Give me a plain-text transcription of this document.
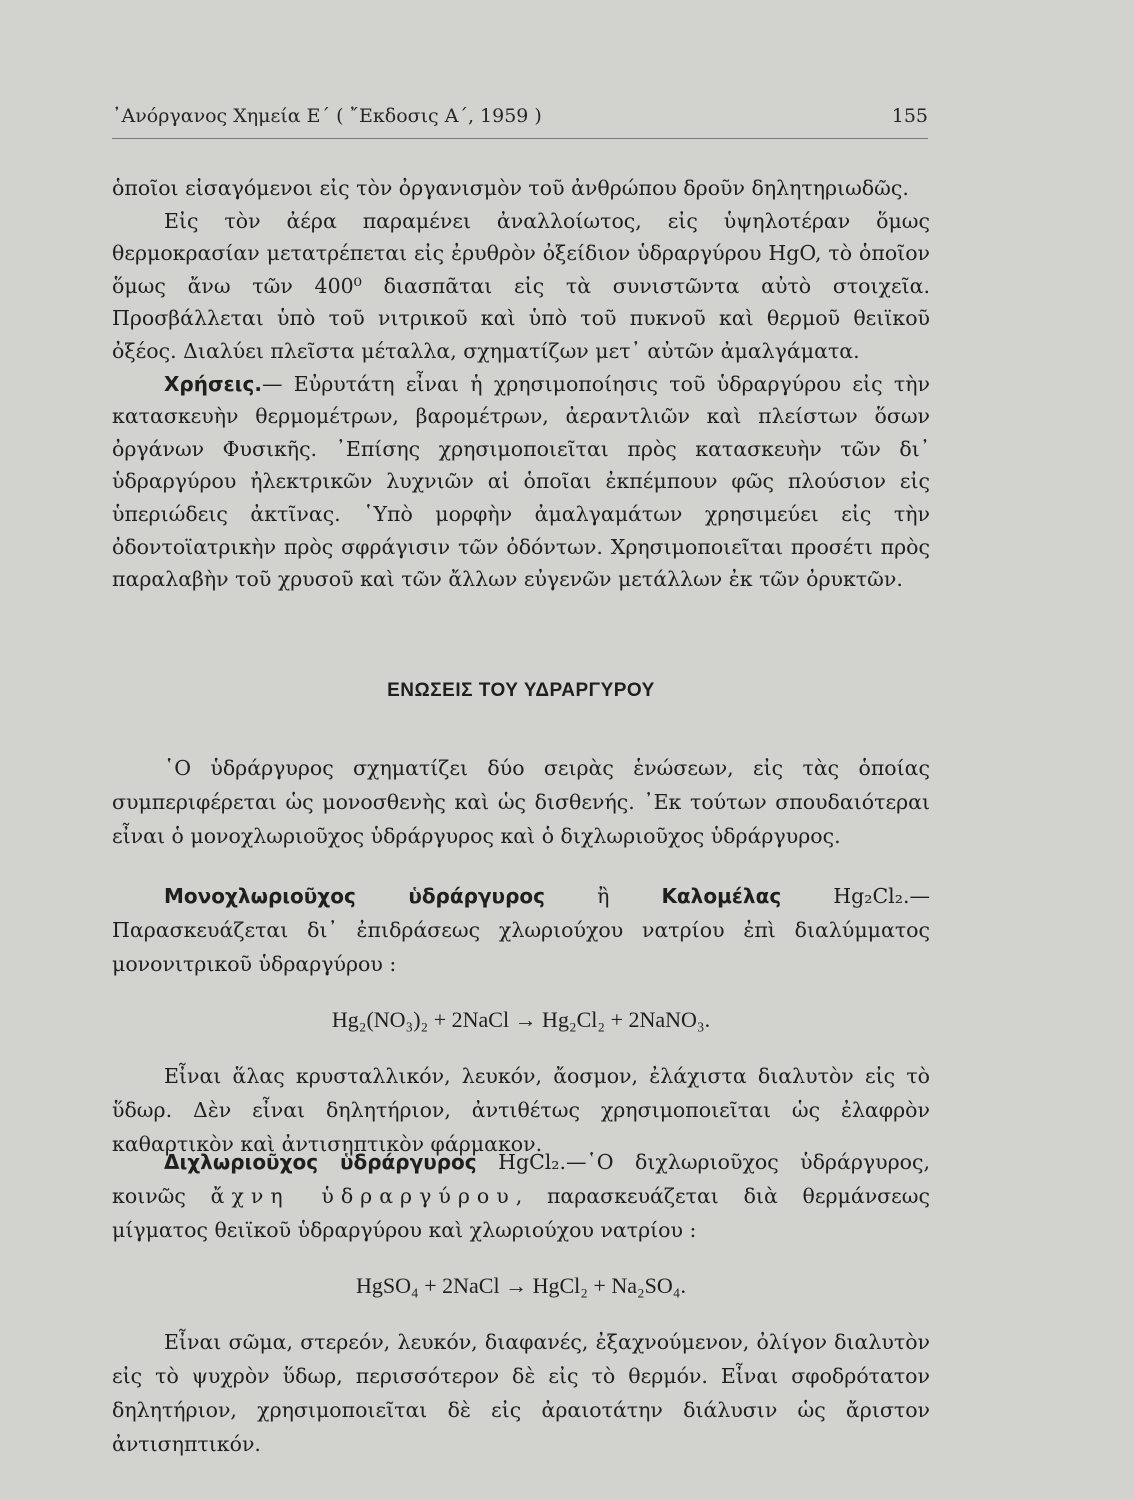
᾿Ανόργανος Χημεία Ε΄ ( ῎Εκδοσις Α΄, 1959 )	155

ὁποῖοι εἰσαγόμενοι εἰς τὸν ὀργανισμὸν τοῦ ἀνθρώπου δροῦν δηλητηριωδῶς.

Εἰς τὸν ἀέρα παραμένει ἀναλλοίωτος, εἰς ὑψηλοτέραν ὅμως θερμοκρασίαν μετατρέπεται εἰς ἐρυθρὸν ὀξείδιον ὑδραργύρου HgO, τὸ ὁποῖον ὅμως ἄνω τῶν 400⁰ διασπᾶται εἰς τὰ συνιστῶντα αὐτὸ στοιχεῖα. Προσβάλλεται ὑπὸ τοῦ νιτρικοῦ καὶ ὑπὸ τοῦ πυκνοῦ καὶ θερμοῦ θειϊκοῦ ὀξέος. Διαλύει πλεῖστα μέταλλα, σχηματίζων μετ᾿ αὐτῶν ἀμαλγάματα.

Χρήσεις.— Εὐρυτάτη εἶναι ἡ χρησιμοποίησις τοῦ ὑδραργύρου εἰς τὴν κατασκευὴν θερμομέτρων, βαρομέτρων, ἀεραντλιῶν καὶ πλείστων ὅσων ὀργάνων Φυσικῆς. ᾿Επίσης χρησιμοποιεῖται πρὸς κατασκευὴν τῶν δι᾿ ὑδραργύρου ἠλεκτρικῶν λυχνιῶν αἱ ὁποῖαι ἐκπέμπουν φῶς πλούσιον εἰς ὑπεριώδεις ἀκτῖνας. ῾Υπὸ μορφὴν ἀμαλγαμάτων χρησιμεύει εἰς τὴν ὀδοντοϊατρικὴν πρὸς σφράγισιν τῶν ὀδόντων. Χρησιμοποιεῖται προσέτι πρὸς παραλαβὴν τοῦ χρυσοῦ καὶ τῶν ἄλλων εὐγενῶν μετάλλων ἐκ τῶν ὀρυκτῶν.

ΕΝΩΣΕΙΣ ΤΟΥ ΥΔΡΑΡΓΥΡΟΥ

῾Ο ὑδράργυρος σχηματίζει δύο σειρὰς ἑνώσεων, εἰς τὰς ὁποίας συμπεριφέρεται ὡς μονοσθενὴς καὶ ὡς δισθενής. ᾿Εκ τούτων σπουδαιότεραι εἶναι ὁ μονοχλωριοῦχος ὑδράργυρος καὶ ὁ διχλωριοῦχος ὑδράργυρος.

Μονοχλωριοῦχος ὑδράργυρος	ἢ	Καλομέλας	Hg₂Cl₂.— Παρασκευάζεται δι᾿ ἐπιδράσεως χλωριούχου νατρίου ἐπὶ διαλύμματος μονονιτρικοῦ ὑδραργύρου :

Hg₂(NO₃)₂ + 2NaCl → Hg₂Cl₂ + 2NaNO₃.

Εἶναι ἅλας κρυσταλλικόν, λευκόν, ἄοσμον, ἐλάχιστα διαλυτὸν εἰς τὸ ὕδωρ. Δὲν εἶναι δηλητήριον, ἀντιθέτως χρησιμοποιεῖται ὡς ἐλαφρὸν καθαρτικὸν καὶ ἀντισηπτικὸν φάρμακον.

Διχλωριοῦχος ὑδράργυρος HgCl₂.—῾Ο διχλωριοῦχος ὑδράργυρος, κοινῶς ἄχνη ὑδραργύρου, παρασκευάζεται διὰ θερμάνσεως μίγματος θειϊκοῦ ὑδραργύρου καὶ χλωριούχου νατρίου :

HgSO₄ + 2NaCl → HgCl₂ + Na₂SO₄.

Εἶναι σῶμα, στερεόν, λευκόν, διαφανές, ἐξαχνούμενον, ὀλίγον διαλυτὸν εἰς τὸ ψυχρὸν ὕδωρ, περισσότερον δὲ εἰς τὸ θερμόν. Εἶναι σφοδρότατον δηλητήριον, χρησιμοποιεῖται δὲ εἰς ἀραιοτάτην διάλυσιν ὡς ἄριστον ἀντισηπτικόν.
